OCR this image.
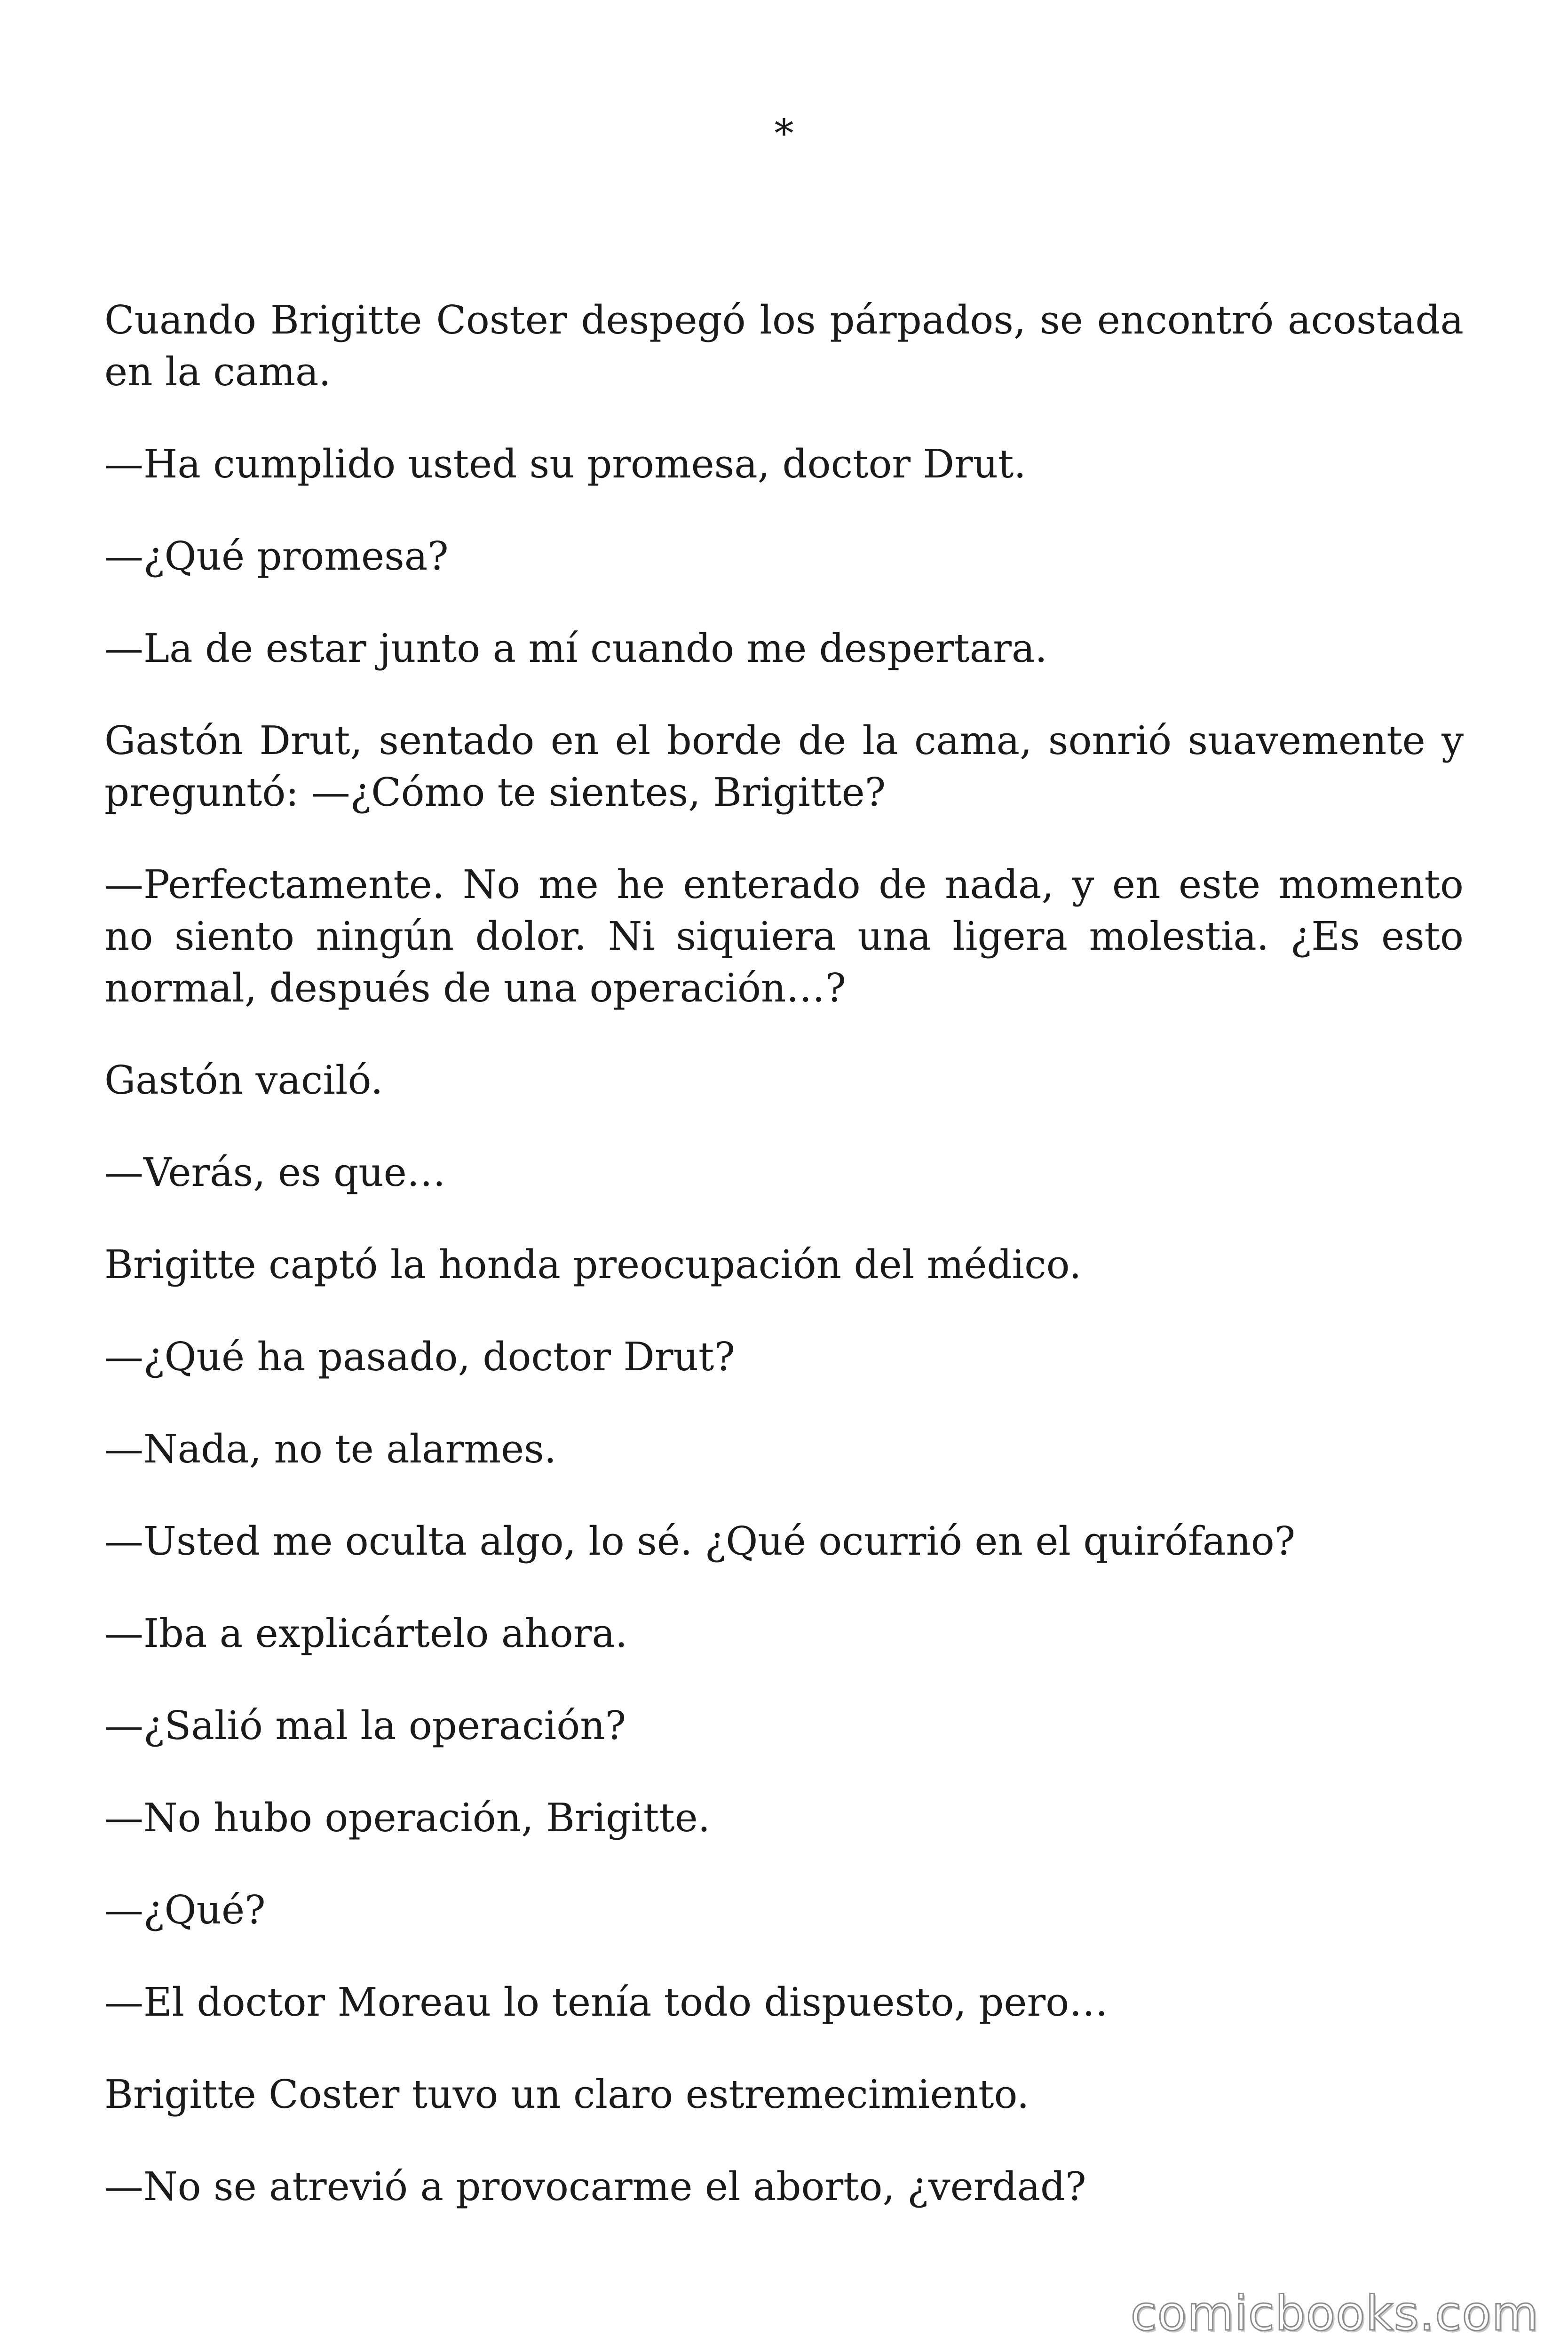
*

Cuando Brigitte Coster despegó los párpados, se encontró acostada en la cama.

—Ha cumplido usted su promesa, doctor Drut.

—¿Qué promesa?

—La de estar junto a mí cuando me despertara.

Gastón Drut, sentado en el borde de la cama, sonrió suavemente y preguntó: —¿Cómo te sientes, Brigitte?

—Perfectamente. No me he enterado de nada, y en este momento no siento ningún dolor. Ni siquiera una ligera molestia. ¿Es esto normal, después de una operación…?

Gastón vaciló.

—Verás, es que…

Brigitte captó la honda preocupación del médico.

—¿Qué ha pasado, doctor Drut?

—Nada, no te alarmes.

—Usted me oculta algo, lo sé. ¿Qué ocurrió en el quirófano?

—Iba a explicártelo ahora.

—¿Salió mal la operación?

—No hubo operación, Brigitte.

—¿Qué?

—El doctor Moreau lo tenía todo dispuesto, pero…

Brigitte Coster tuvo un claro estremecimiento.

—No se atrevió a provocarme el aborto, ¿verdad?

comicbooks.com
